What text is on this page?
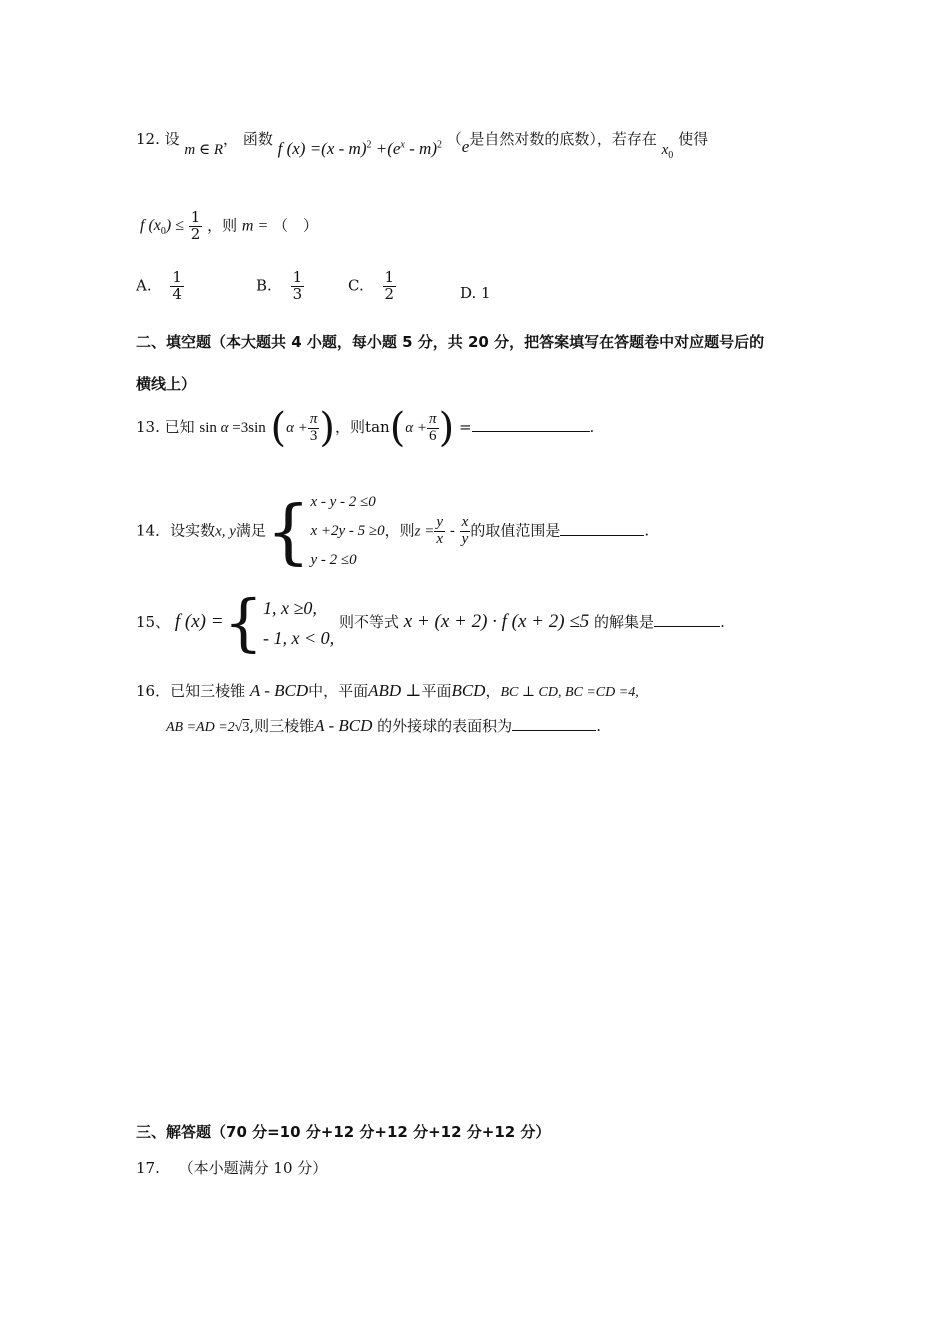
12. 设 m ∈ R， 函数 f $(x) =(x - m)^2 +(e^x - m)^2$ （e是自然对数的底数），若存在 $x_0$ 使得
f $(x_0) \le \frac{1}{2}$ ，则 m = （　）
A. $\frac{1}{4}$	B. $\frac{1}{3}$	C. $\frac{1}{2}$	D. 1
二、填空题（本大题共 4 小题，每小题 5 分，共 20 分，把答案填写在答题卷中对应题号后的
横线上）
13. 已知 sin α =3sin ($\alpha + \frac{\pi}{3}$ )，则$\tan(\alpha + \frac{\pi}{6}$ ) =	.
14．设实数x, y满足{ x - y - 2 ≤0
x +2y - 5 ≥0
y - 2 ≤0
，则$z = \frac{y}{x} - \frac{x}{y}$ 的取值范围是	.
15、 f (x) ={ 1, x ≥0,
- 1, x < 0,
则不等式 x + (x + 2) · f (x + 2) ≤5 的解集是	.
16．已知三棱锥 A - BCD中，平面ABD ⊥平面BCD，BC ⊥ CD, BC =CD =4,
AB =AD =2√3,则三棱锥A - BCD 的外接球的表面积为	.
三、解答题（70 分=10 分+12 分+12 分+12 分+12 分）
17. （本小题满分 10 分）
